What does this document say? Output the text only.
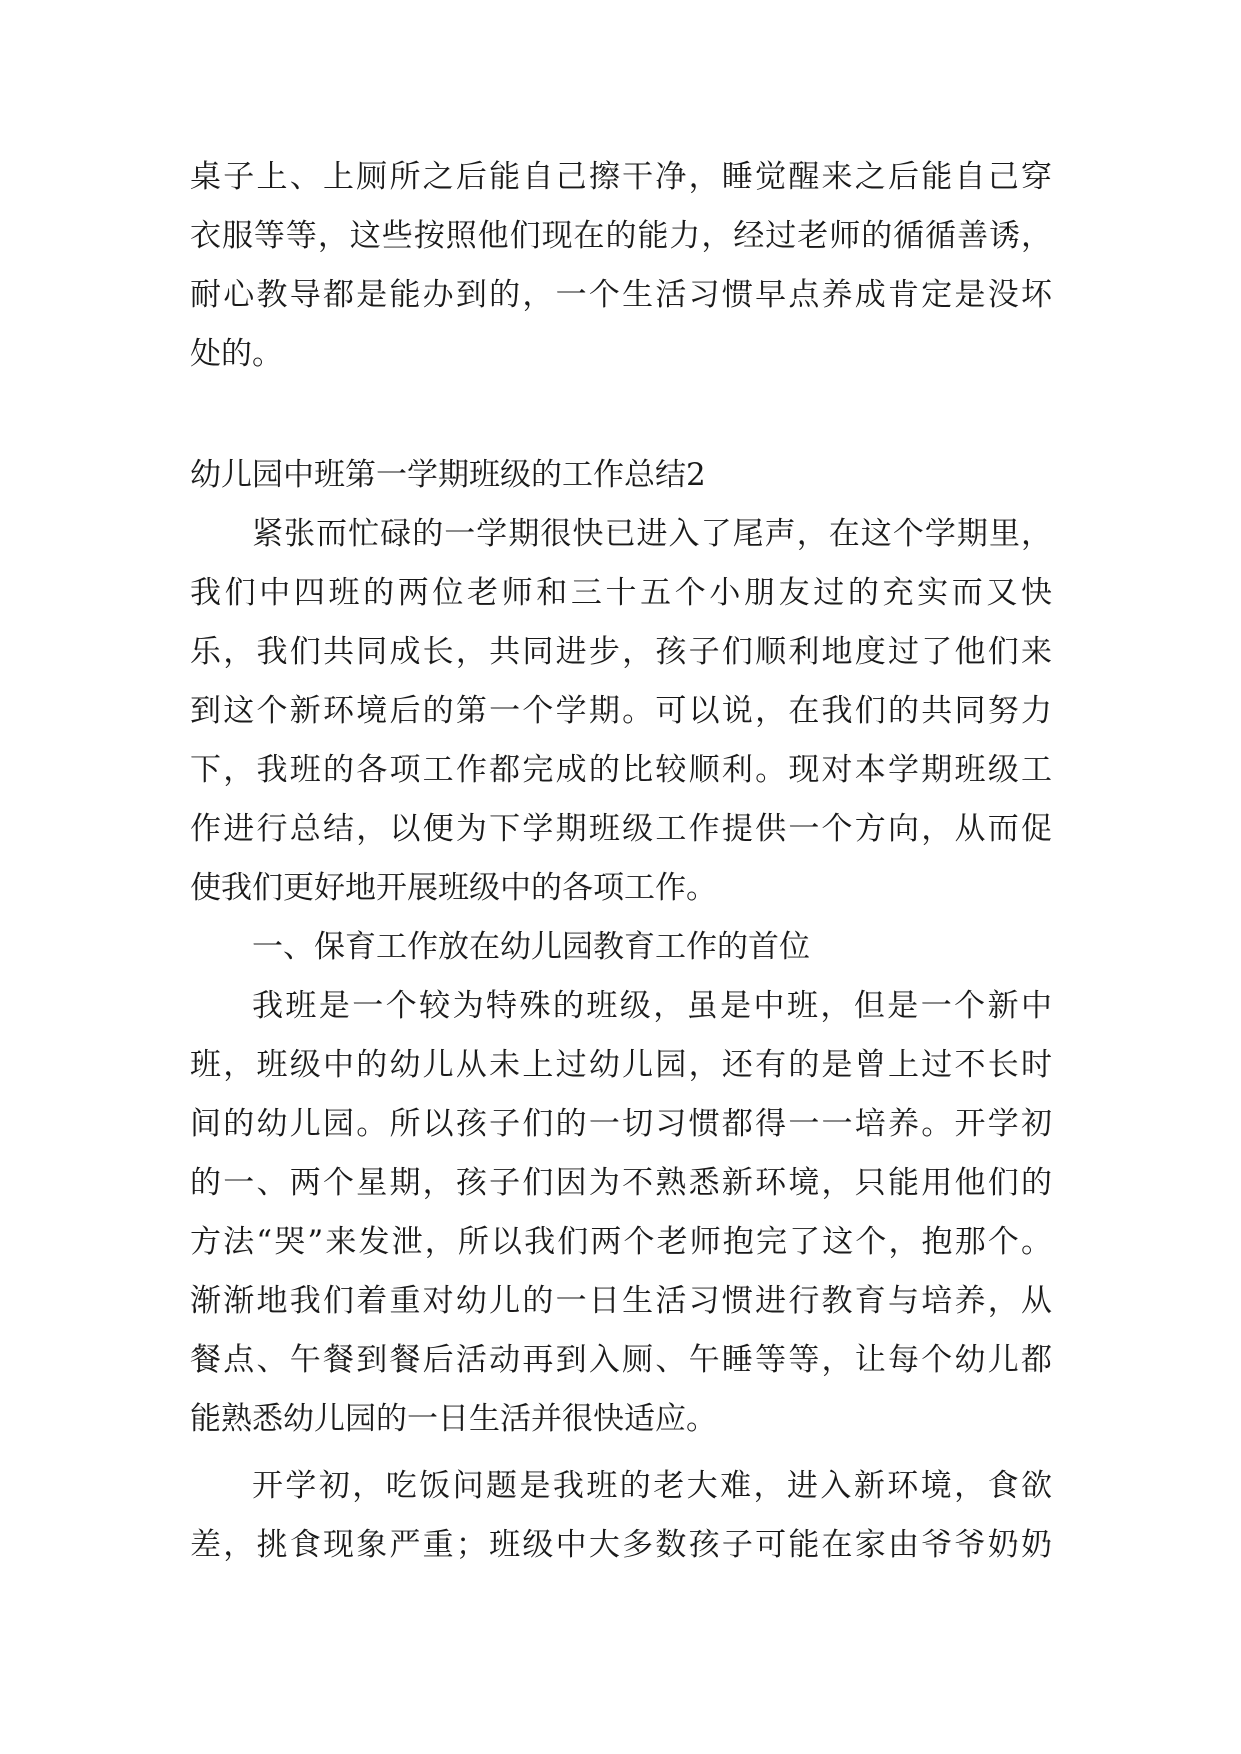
桌子上、上厕所之后能自己擦干净，睡觉醒来之后能自己穿
衣服等等，这些按照他们现在的能力，经过老师的循循善诱，
耐心教导都是能办到的，一个生活习惯早点养成肯定是没坏
处的。
幼儿园中班第一学期班级的工作总结2
紧张而忙碌的一学期很快已进入了尾声，在这个学期里，
我们中四班的两位老师和三十五个小朋友过的充实而又快
乐，我们共同成长，共同进步，孩子们顺利地度过了他们来
到这个新环境后的第一个学期。可以说，在我们的共同努力
下，我班的各项工作都完成的比较顺利。现对本学期班级工
作进行总结，以便为下学期班级工作提供一个方向，从而促
使我们更好地开展班级中的各项工作。
一、保育工作放在幼儿园教育工作的首位
我班是一个较为特殊的班级，虽是中班，但是一个新中
班，班级中的幼儿从未上过幼儿园，还有的是曾上过不长时
间的幼儿园。所以孩子们的一切习惯都得一一培养。开学初
的一、两个星期，孩子们因为不熟悉新环境，只能用他们的
方法“哭”来发泄，所以我们两个老师抱完了这个，抱那个。
渐渐地我们着重对幼儿的一日生活习惯进行教育与培养，从
餐点、午餐到餐后活动再到入厕、午睡等等，让每个幼儿都
能熟悉幼儿园的一日生活并很快适应。
开学初，吃饭问题是我班的老大难，进入新环境，食欲
差，挑食现象严重；班级中大多数孩子可能在家由爷爷奶奶
